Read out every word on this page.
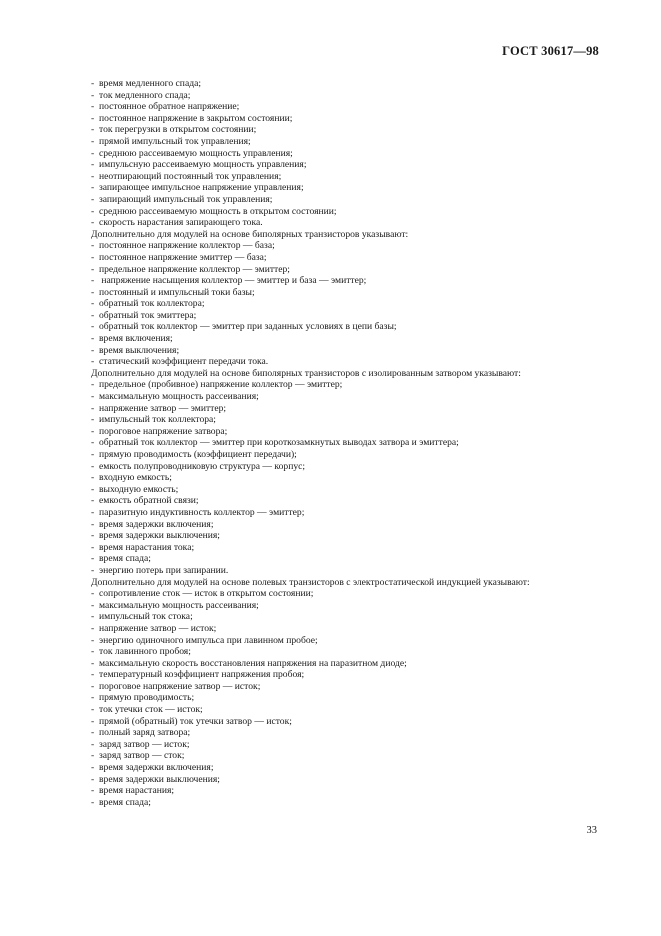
ГОСТ 30617—98
- время медленного спада;
- ток медленного спада;
- постоянное обратное напряжение;
- постоянное напряжение в закрытом состоянии;
- ток перегрузки в открытом состоянии;
- прямой импульсный ток управления;
- среднюю рассеиваемую мощность управления;
- импульсную рассеиваемую мощность управления;
- неотпирающий постоянный ток управления;
- запирающее импульсное напряжение управления;
- запирающий импульсный ток управления;
- среднюю рассеиваемую мощность в открытом состоянии;
- скорость нарастания запирающего тока.
Дополнительно для модулей на основе биполярных транзисторов указывают:
- постоянное напряжение коллектор — база;
- постоянное напряжение эмиттер — база;
- предельное напряжение коллектор — эмиттер;
- напряжение насыщения коллектор — эмиттер и база — эмиттер;
- постоянный и импульсный токи базы;
- обратный ток коллектора;
- обратный ток эмиттера;
- обратный ток коллектор — эмиттер при заданных условиях в цепи базы;
- время включения;
- время выключения;
- статический коэффициент передачи тока.
Дополнительно для модулей на основе биполярных транзисторов с изолированным затвором указывают:
- предельное (пробивное) напряжение коллектор — эмиттер;
- максимальную мощность рассеивания;
- напряжение затвор — эмиттер;
- импульсный ток коллектора;
- пороговое напряжение затвора;
- обратный ток коллектор — эмиттер при короткозамкнутых выводах затвора и эмиттера;
- прямую проводимость (коэффициент передачи);
- емкость полупроводниковую структура — корпус;
- входную емкость;
- выходную емкость;
- емкость обратной связи;
- паразитную индуктивность коллектор — эмиттер;
- время задержки включения;
- время задержки выключения;
- время нарастания тока;
- время спада;
- энергию потерь при запирании.
Дополнительно для модулей на основе полевых транзисторов с электростатической индукцией указывают:
- сопротивление сток — исток в открытом состоянии;
- максимальную мощность рассеивания;
- импульсный ток стока;
- напряжение затвор — исток;
- энергию одиночного импульса при лавинном пробое;
- ток лавинного пробоя;
- максимальную скорость восстановления напряжения на паразитном диоде;
- температурный коэффициент напряжения пробоя;
- пороговое напряжение затвор — исток;
- прямую проводимость;
- ток утечки сток — исток;
- прямой (обратный) ток утечки затвор — исток;
- полный заряд затвора;
- заряд затвор — исток;
- заряд затвор — сток;
- время задержки включения;
- время задержки выключения;
- время нарастания;
- время спада;
33
